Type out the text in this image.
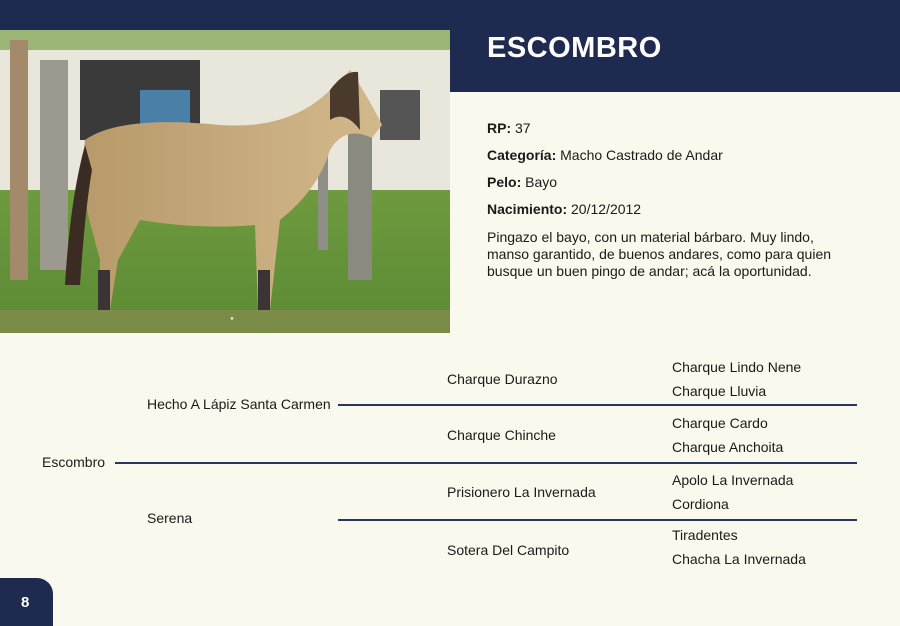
ESCOMBRO
★
RP: 37
Categoría: Macho Castrado de Andar
Pelo: Bayo
Nacimiento: 20/12/2012
Pingazo el bayo, con un material bárbaro. Muy lindo, manso garantido, de buenos andares, como para quien busque un buen pingo de andar; acá la oportunidad.
Escombro
Hecho A Lápiz Santa Carmen
Serena
Charque Durazno
Charque Chinche
Prisionero La Invernada
Sotera Del Campito
Charque Lindo Nene
Charque Lluvia
Charque Cardo
Charque Anchoita
Apolo La Invernada
Cordiona
Tiradentes
Chacha La Invernada
8
